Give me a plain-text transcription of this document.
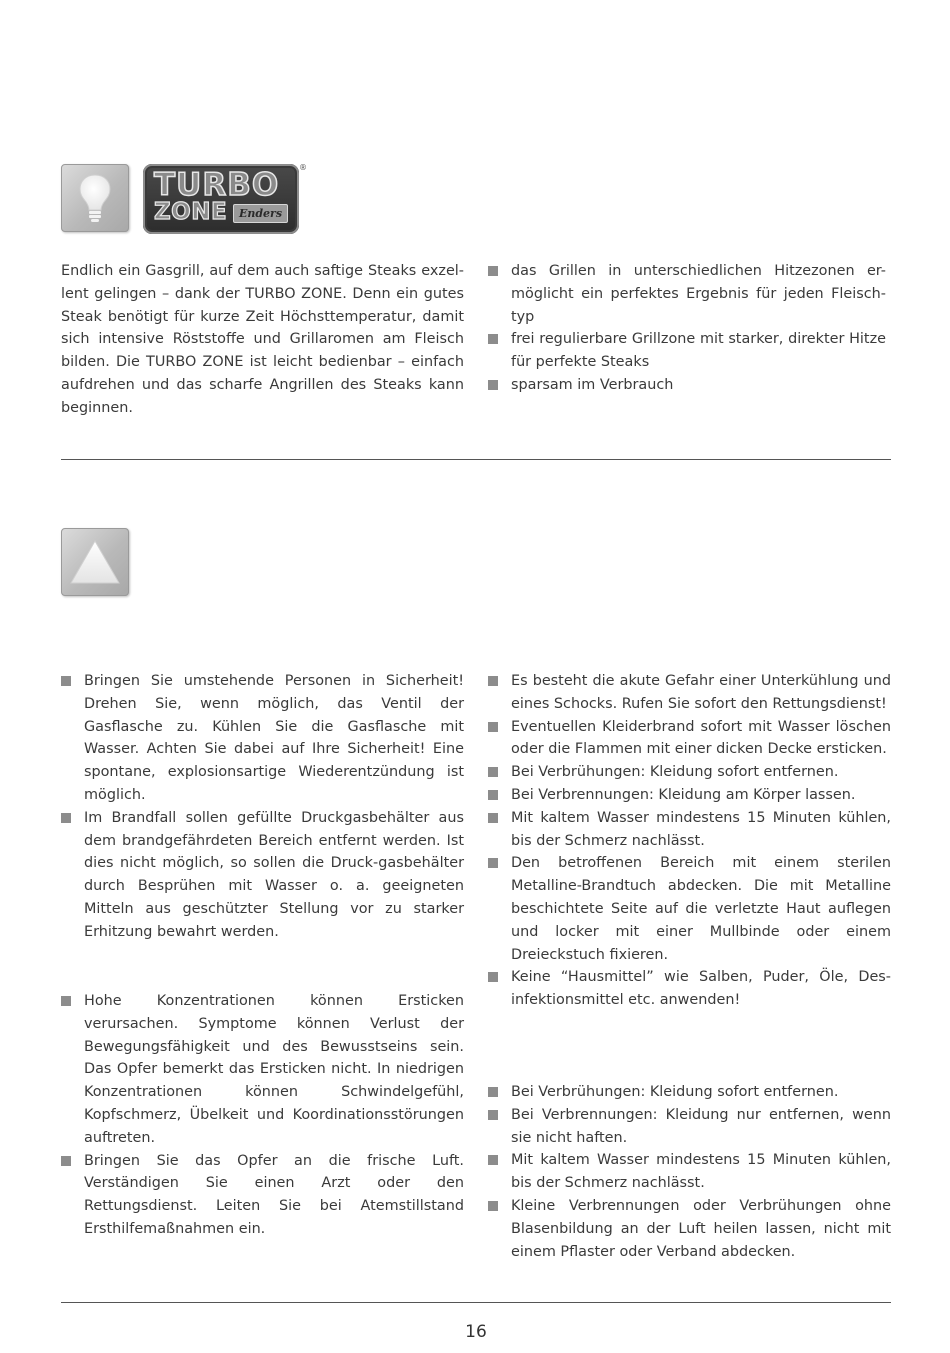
TURBO
ZONE	Enders
®

Endlich ein Gasgrill, auf dem auch saftige Steaks exzel-lent gelingen – dank der TURBO ZONE. Denn ein gutes Steak benötigt für kurze Zeit Höchsttemperatur, damit sich intensive Röststoffe und Grillaromen am Fleisch bilden. Die TURBO ZONE ist leicht bedienbar – einfach aufdrehen und das scharfe Angrillen des Steaks kann beginnen.

das Grillen in unterschiedlichen Hitzezonen er-möglicht ein perfektes Ergebnis für jeden Fleisch-typ
frei regulierbare Grillzone mit starker, direkter Hitze für perfekte Steaks
sparsam im Verbrauch
Bringen Sie umstehende Personen in Sicherheit! Drehen Sie, wenn möglich, das Ventil der Gasflasche zu. Kühlen Sie die Gasflasche mit Wasser. Achten Sie dabei auf Ihre Sicherheit! Eine spontane, explosionsartige Wiederentzündung ist möglich.
Im Brandfall sollen gefüllte Druckgasbehälter aus dem brandgefährdeten Bereich entfernt werden. Ist dies nicht möglich, so sollen die Druck-gasbehälter durch Besprühen mit Wasser o. a. geeigneten Mitteln aus geschützter Stellung vor zu starker Erhitzung bewahrt werden.
Hohe Konzentrationen können Ersticken verursachen. Symptome können Verlust der Bewegungsfähigkeit und des Bewusstseins sein. Das Opfer bemerkt das Ersticken nicht. In niedrigen Konzentrationen können Schwindelgefühl, Kopfschmerz, Übelkeit und Koordinationsstörungen auftreten.
Bringen Sie das Opfer an die frische Luft. Verständigen Sie einen Arzt oder den Rettungsdienst. Leiten Sie bei Atemstillstand Ersthilfemaßnahmen ein.
Es besteht die akute Gefahr einer Unterkühlung und eines Schocks. Rufen Sie sofort den Rettungsdienst!
Eventuellen Kleiderbrand sofort mit Wasser löschen oder die Flammen mit einer dicken Decke ersticken.
Bei Verbrühungen: Kleidung sofort entfernen.
Bei Verbrennungen: Kleidung am Körper lassen.
Mit kaltem Wasser mindestens 15 Minuten kühlen, bis der Schmerz nachlässt.
Den betroffenen Bereich mit einem sterilen Metalline-Brandtuch abdecken. Die mit Metalline beschichtete Seite auf die verletzte Haut auflegen und locker mit einer Mullbinde oder einem Dreieckstuch fixieren.
Keine “Hausmittel” wie Salben, Puder, Öle, Des-infektionsmittel etc. anwenden!
Bei Verbrühungen: Kleidung sofort entfernen.
Bei Verbrennungen: Kleidung nur entfernen, wenn sie nicht haften.
Mit kaltem Wasser mindestens 15 Minuten kühlen, bis der Schmerz nachlässt.
Kleine Verbrennungen oder Verbrühungen ohne Blasenbildung an der Luft heilen lassen, nicht mit einem Pflaster oder Verband abdecken.
16
